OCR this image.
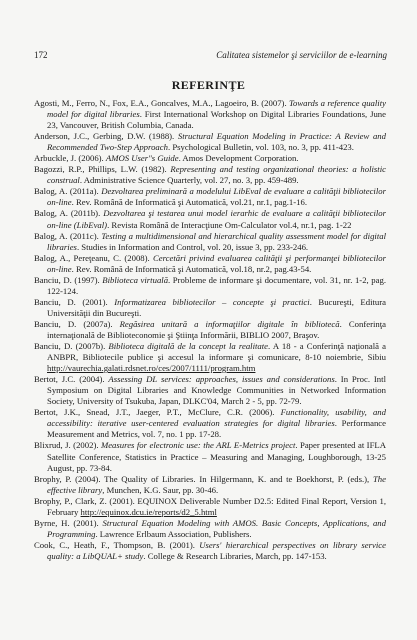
172	Calitatea sistemelor şi serviciilor de e-learning
REFERINŢE
Agosti, M., Ferro, N., Fox, E.A., Goncalves, M.A., Lagoeiro, B. (2007). Towards a reference quality model for digital libraries. First International Workshop on Digital Libraries Foundations, June 23, Vancouver, British Columbia, Canada.
Anderson, J.C., Gerbing, D.W. (1988). Structural Equation Modeling in Practice: A Review and Recommended Two-Step Approach. Psychological Bulletin, vol. 103, no. 3, pp. 411-423.
Arbuckle, J. (2006). AMOS User"s Guide. Amos Development Corporation.
Bagozzi, R.P., Phillips, L.W. (1982). Representing and testing organizational theories: a holistic construal. Administrative Science Quarterly, vol. 27, no. 3, pp. 459-489.
Balog, A. (2011a). Dezvoltarea preliminară a modelului LibEval de evaluare a calităţii bibliotecilor on-line. Rev. Română de Informatică şi Automatică, vol.21, nr.1, pag.1-16.
Balog, A. (2011b). Dezvoltarea şi testarea unui model ierarhic de evaluare a calităţii bibliotecilor on-line (LibEval). Revista Română de Interacţiune Om-Calculator vol.4, nr.1, pag. 1-22
Balog, A. (2011c). Testing a multidimensional and hierarchical quality assessment model for digital libraries. Studies in Information and Control, vol. 20, issue 3, pp. 233-246.
Balog, A., Pereţeanu, C. (2008). Cercetări privind evaluarea calităţii şi performanţei bibliotecilor on-line. Rev. Română de Informatică şi Automatică, vol.18, nr.2, pag.43-54.
Banciu, D. (1997). Biblioteca virtuală. Probleme de informare şi documentare, vol. 31, nr. 1-2, pag. 122-124.
Banciu, D. (2001). Informatizarea bibliotecilor – concepte şi practici. Bucureşti, Editura Universităţii din Bucureşti.
Banciu, D. (2007a). Regăsirea unitară a informaţiilor digitale în bibliotecă. Conferinţa internaţională de Biblioteconomie şi Ştiinţa Informării, BIBLIO 2007, Braşov.
Banciu, D. (2007b). Biblioteca digitală de la concept la realitate. A 18 - a Conferinţă naţională a ANBPR, Bibliotecile publice şi accesul la informare şi comunicare, 8-10 noiembrie, Sibiu http://vaurechia.galati.rdsnet.ro/ces/2007/1111/program.htm
Bertot, J.C. (2004). Assessing DL services: approaches, issues and considerations. In Proc. Intl Symposium on Digital Libraries and Knowledge Communities in Networked Information Society, University of Tsukuba, Japan, DLKC'04, March 2 - 5, pp. 72-79.
Bertot, J.K., Snead, J.T., Jaeger, P.T., McClure, C.R. (2006). Functionality, usability, and accessibility: iterative user-centered evaluation strategies for digital libraries. Performance Measurement and Metrics, vol. 7, no. 1 pp. 17-28.
Blixrud, J. (2002). Measures for electronic use: the ARL E-Metrics project. Paper presented at IFLA Satellite Conference, Statistics in Practice – Measuring and Managing, Loughborough, 13-25 August, pp. 73-84.
Brophy, P. (2004). The Quality of Libraries. In Hilgermann, K. and te Boekhorst, P. (eds.), The effective library, Munchen, K.G. Saur, pp. 30-46.
Brophy, P., Clark, Z. (2001). EQUINOX Deliverable Number D2.5: Edited Final Report, Version 1, February http://equinox.dcu.ie/reports/d2_5.html
Byrne, H. (2001). Structural Equation Modeling with AMOS. Basic Concepts, Applications, and Programming. Lawrence Erlbaum Association, Publishers.
Cook, C., Heath, F., Thompson, B. (2001). Users' hierarchical perspectives on library service quality: a LibQUAL+ study. College & Research Libraries, March, pp. 147-153.
